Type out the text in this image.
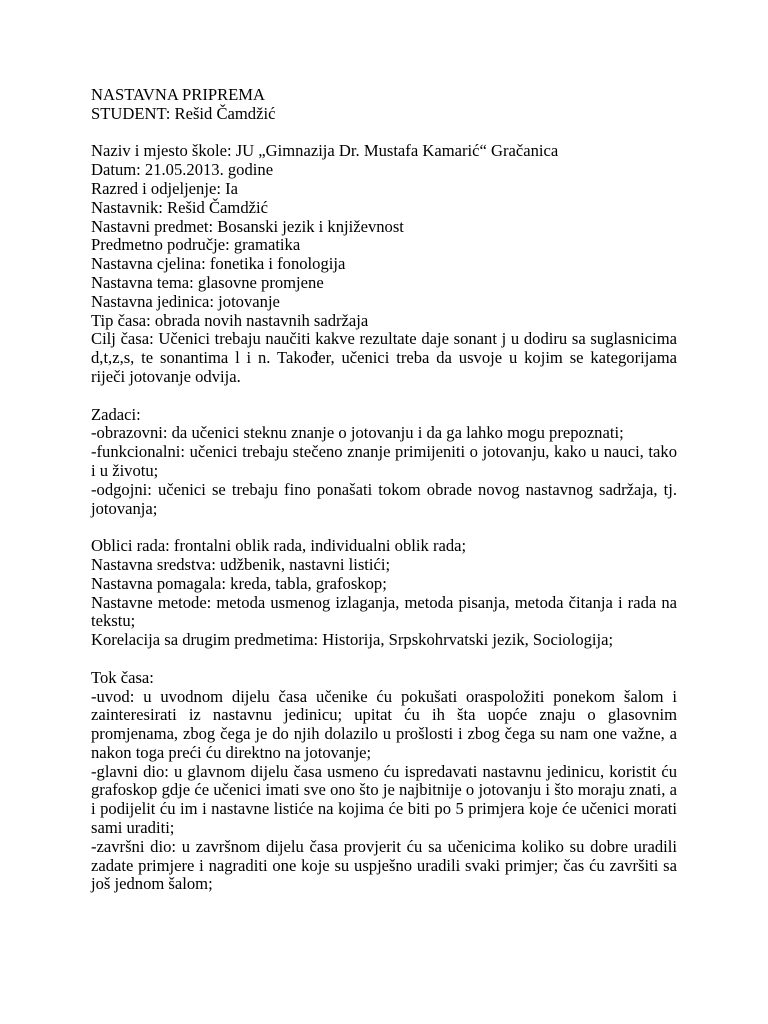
NASTAVNA PRIPREMA
STUDENT: Rešid Čamdžić
Naziv i mjesto škole: JU „Gimnazija Dr. Mustafa Kamarić“ Gračanica
Datum: 21.05.2013. godine
Razred i odjeljenje: Ia
Nastavnik: Rešid Čamdžić
Nastavni predmet: Bosanski jezik i književnost
Predmetno područje: gramatika
Nastavna cjelina: fonetika i fonologija
Nastavna tema: glasovne promjene
Nastavna jedinica: jotovanje
Tip časa: obrada novih nastavnih sadržaja
Cilj časa: Učenici trebaju naučiti kakve rezultate daje sonant j u dodiru sa suglasnicima d,t,z,s, te sonantima l i n. Također, učenici treba da usvoje u kojim se kategorijama riječi jotovanje odvija.
Zadaci:
-obrazovni: da učenici steknu znanje o jotovanju i da ga lahko mogu prepoznati;
-funkcionalni: učenici trebaju stečeno znanje primijeniti o jotovanju, kako u nauci, tako i u životu;
-odgojni: učenici se trebaju fino ponašati tokom obrade novog nastavnog sadržaja, tj. jotovanja;
Oblici rada: frontalni oblik rada, individualni oblik rada;
Nastavna sredstva: udžbenik, nastavni listići;
Nastavna pomagala: kreda, tabla, grafoskop;
Nastavne metode: metoda usmenog izlaganja, metoda pisanja, metoda čitanja i rada na tekstu;
Korelacija sa drugim predmetima: Historija, Srpskohrvatski jezik, Sociologija;
Tok časa:
-uvod: u uvodnom dijelu časa učenike ću pokušati oraspoložiti ponekom šalom i zainteresirati iz nastavnu jedinicu; upitat ću ih šta uopće znaju o glasovnim promjenama, zbog čega je do njih dolazilo u prošlosti i zbog čega su nam one važne, a nakon toga preći ću direktno na jotovanje;
-glavni dio: u glavnom dijelu časa usmeno ću ispredavati nastavnu jedinicu, koristit ću grafoskop gdje će učenici imati sve ono što je najbitnije o jotovanju i što moraju znati, a i podijelit ću im i nastavne listiće na kojima će biti po 5 primjera koje će učenici morati sami uraditi;
-završni dio: u završnom dijelu časa provjerit ću sa učenicima koliko su dobre uradili zadate primjere i nagraditi one koje su uspješno uradili svaki primjer; čas ću završiti sa još jednom šalom;
